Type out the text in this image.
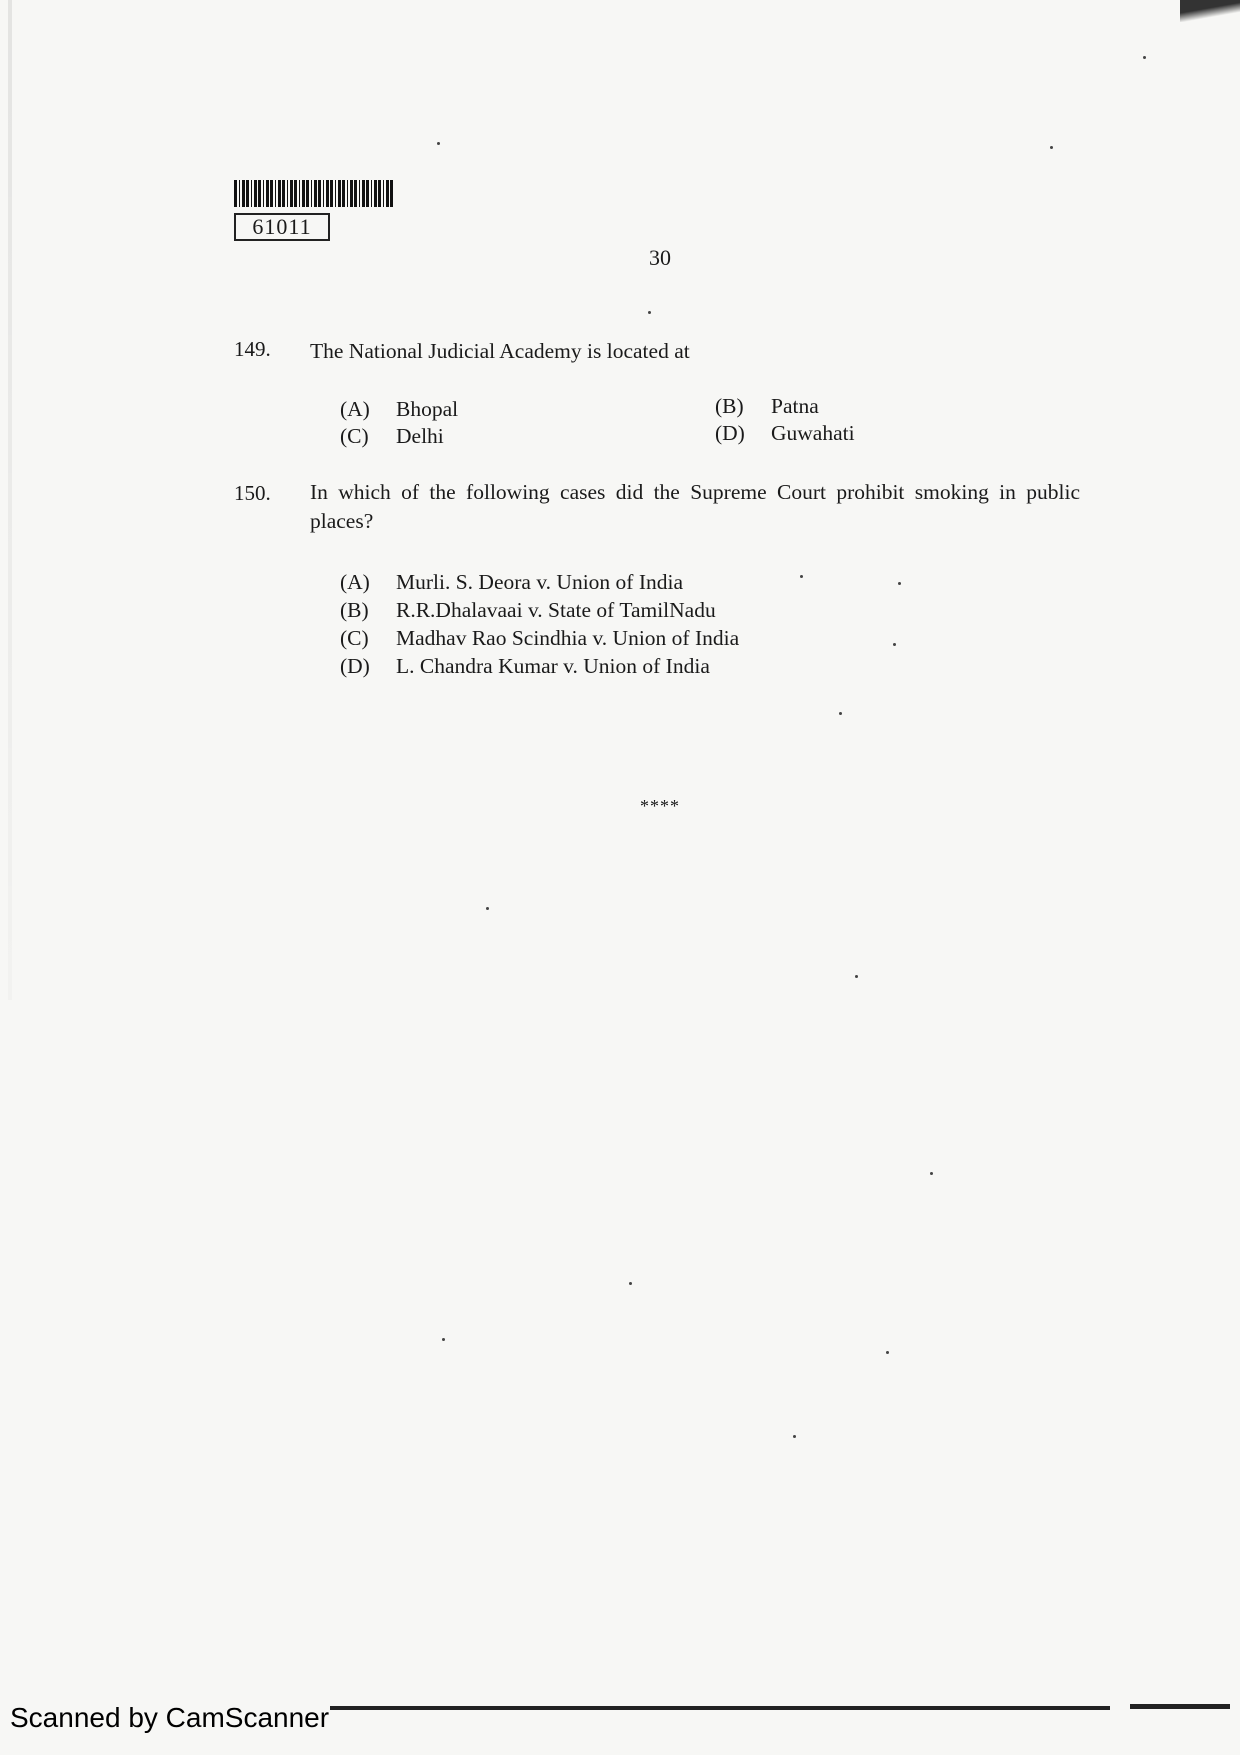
61011
30
149. The National Judicial Academy is located at
(A) Bhopal	(B) Patna
(C) Delhi	(D) Guwahati
150. In which of the following cases did the Supreme Court prohibit smoking in public places?
(A) Murli. S. Deora v. Union of India
(B) R.R.Dhalavaai v. State of TamilNadu
(C) Madhav Rao Scindhia v. Union of India
(D) L. Chandra Kumar v. Union of India
****
Scanned by CamScanner
